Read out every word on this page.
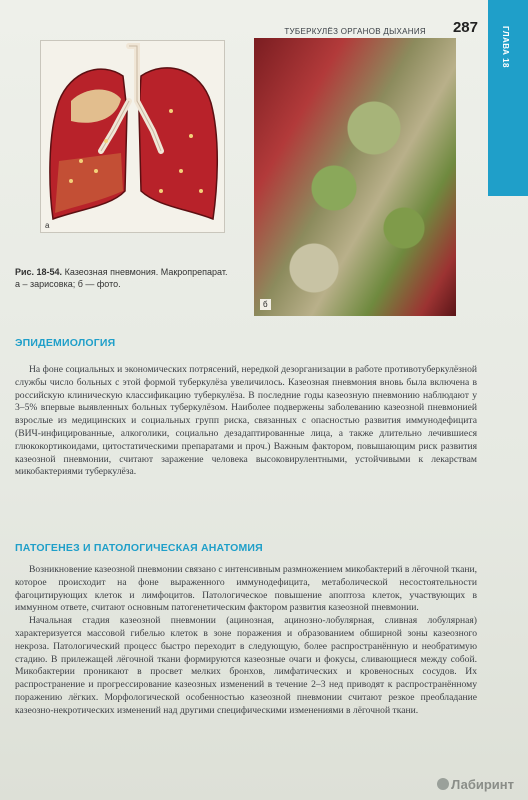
ГЛАВА 18
ТУБЕРКУЛЁЗ ОРГАНОВ ДЫХАНИЯ 287
а
б
Рис. 18-54. Казеозная пневмония. Макропрепарат.
а – зарисовка; б — фото.
ЭПИДЕМИОЛОГИЯ

На фоне социальных и экономических потрясений, нередкой дезорганизации в работе противотуберкулёзной службы число больных с этой формой туберкулёза увеличилось. Казеозная пневмония вновь была включена в российскую клиническую классификацию туберкулёза. В последние годы казеозную пневмонию наблюдают у 3–5% впервые выявленных больных туберкулёзом. Наиболее подвержены заболеванию казеозной пневмонией взрослые из медицинских и социальных групп риска, связанных с опасностью развития иммунодефицита (ВИЧ-инфицированные, алкоголики, социально дезадаптированные лица, а также длительно лечившиеся глюкокортикоидами, цитостатическими препаратами и проч.) Важным фактором, повышающим риск развития казеозной пневмонии, считают заражение человека высоковирулентными, устойчивыми к лекарствам микобактериями туберкулёза.

ПАТОГЕНЕЗ И ПАТОЛОГИЧЕСКАЯ АНАТОМИЯ

Возникновение казеозной пневмонии связано с интенсивным размножением микобактерий в лёгочной ткани, которое происходит на фоне выраженного иммунодефицита, метаболической несостоятельности фагоцитирующих клеток и лимфоцитов. Патологическое повышение апоптоза клеток, участвующих в иммунном ответе, считают основным патогенетическим фактором развития казеозной пневмонии.

Начальная стадия казеозной пневмонии (ацинозная, ацинозно-лобулярная, сливная лобулярная) характеризуется массовой гибелью клеток в зоне поражения и образованием обширной зоны казеозного некроза. Патологический процесс быстро переходит в следующую, более распространённую и необратимую стадию. В прилежащей лёгочной ткани формируются казеозные очаги и фокусы, сливающиеся между собой. Микобактерии проникают в просвет мелких бронхов, лимфатических и кровеносных сосудов. Их распространение и прогрессирование казеозных изменений в течение 2–3 нед приводят к распространённому поражению лёгких. Морфологической особенностью казеозной пневмонии считают резкое преобладание казеозно-некротических изменений над другими специфическими изменениями в лёгочной ткани.

Лабиринт
